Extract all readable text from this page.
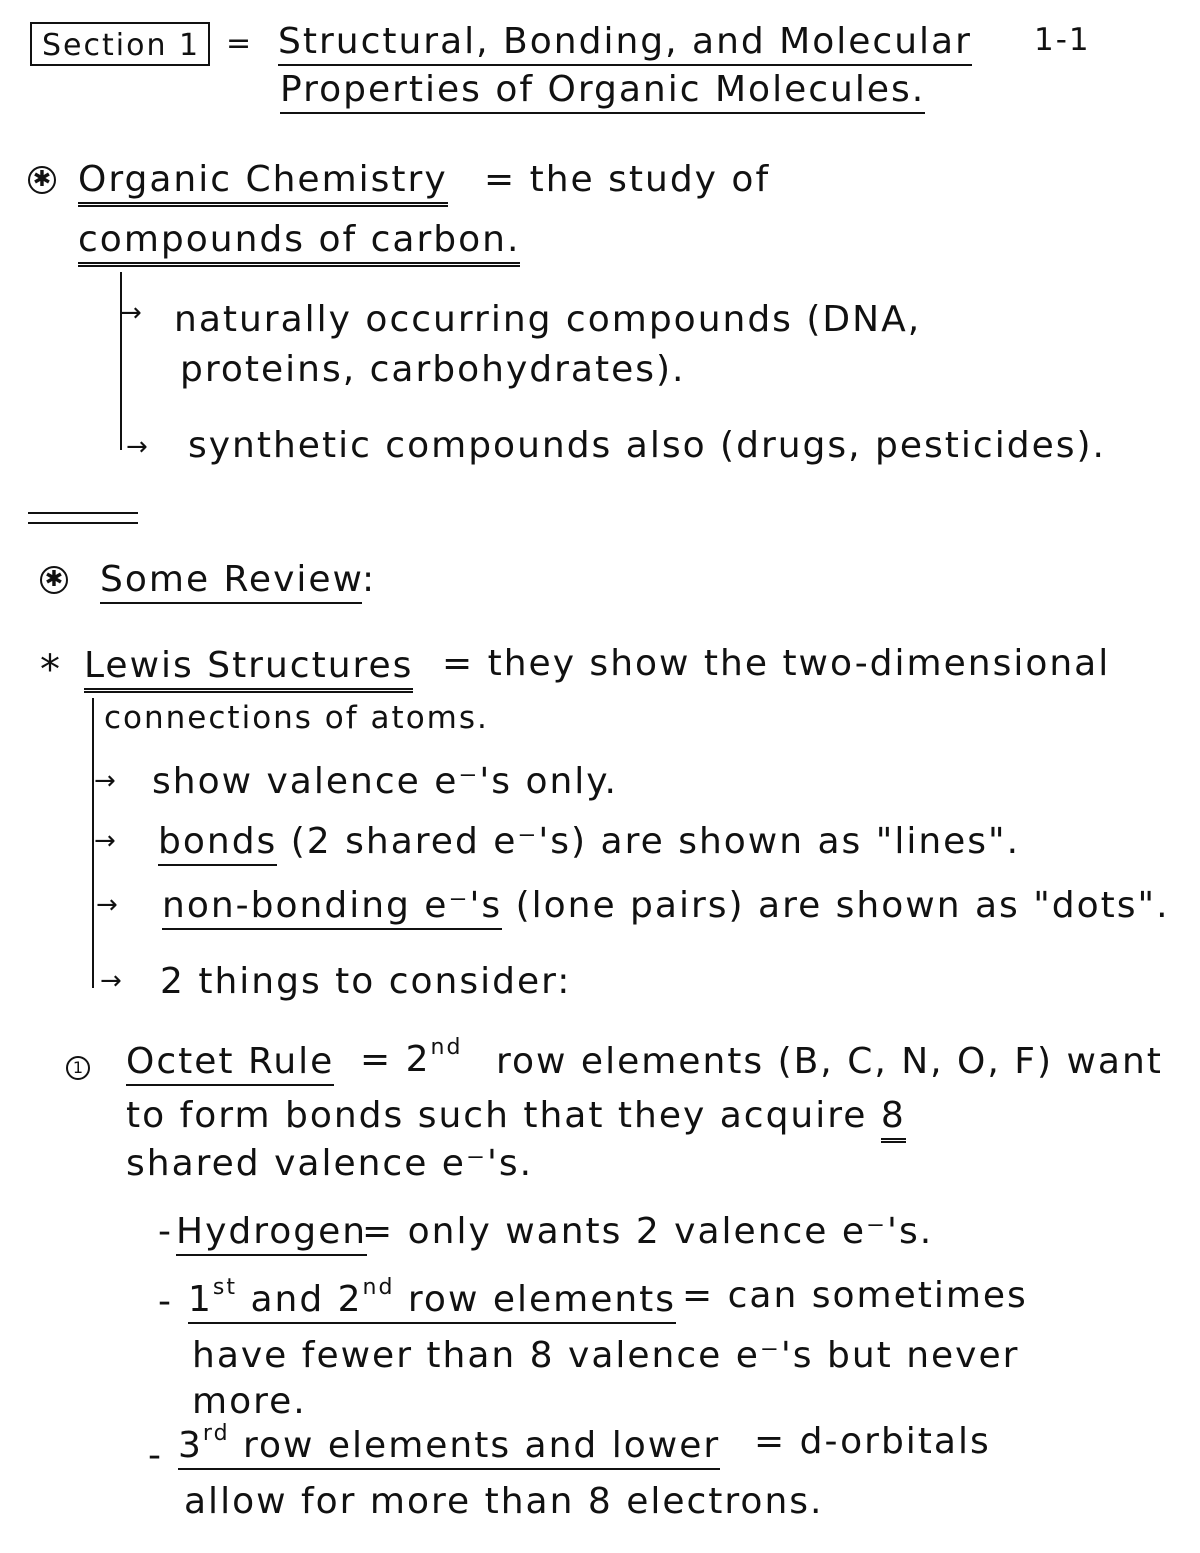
Section 1 = Structural, Bonding, and Molecular
Properties of Organic Molecules.
1-1
✱ Organic Chemistry = the study of
compounds of carbon.
→ naturally occurring compounds (DNA,
proteins, carbohydrates).
→ synthetic compounds also (drugs, pesticides).
✱ Some Review:
* Lewis Structures = they show the two-dimensional
connections of atoms.
→ show valence e⁻'s only.
→ bonds (2 shared e⁻'s) are shown as "lines".
→ non-bonding e⁻'s (lone pairs) are shown as "dots".
→ 2 things to consider:
1 Octet Rule = 2nd row elements (B, C, N, O, F) want
to form bonds such that they acquire 8
shared valence e⁻'s.
- Hydrogen
= only wants 2 valence e⁻'s.
- 1st and 2nd row elements = can sometimes
have fewer than 8 valence e⁻'s but never
more.
- 3rd row elements and lower = d-orbitals
allow for more than 8 electrons.
